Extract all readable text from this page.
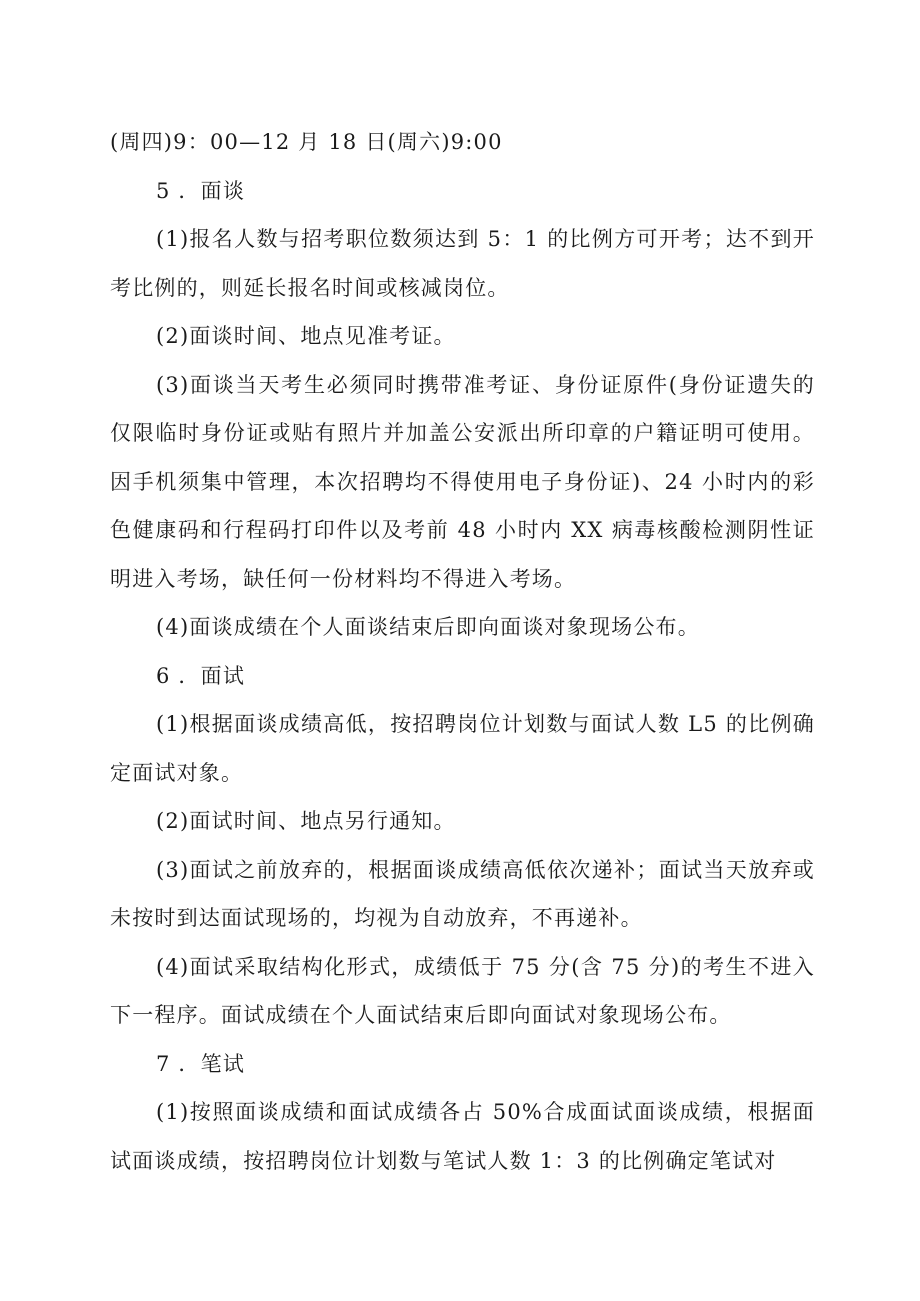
(周四)9：00—12 月 18 日(周六)9:00

5 ．面谈

(1)报名人数与招考职位数须达到 5：1 的比例方可开考；达不到开考比例的，则延长报名时间或核减岗位。

(2)面谈时间、地点见准考证。

(3)面谈当天考生必须同时携带准考证、身份证原件(身份证遗失的仅限临时身份证或贴有照片并加盖公安派出所印章的户籍证明可使用。因手机须集中管理，本次招聘均不得使用电子身份证)、24 小时内的彩色健康码和行程码打印件以及考前 48 小时内 XX 病毒核酸检测阴性证明进入考场，缺任何一份材料均不得进入考场。

(4)面谈成绩在个人面谈结束后即向面谈对象现场公布。

6 ．面试

(1)根据面谈成绩高低，按招聘岗位计划数与面试人数 L5 的比例确定面试对象。

(2)面试时间、地点另行通知。

(3)面试之前放弃的，根据面谈成绩高低依次递补；面试当天放弃或未按时到达面试现场的，均视为自动放弃，不再递补。

(4)面试采取结构化形式，成绩低于 75 分(含 75 分)的考生不进入下一程序。面试成绩在个人面试结束后即向面试对象现场公布。

7 ．笔试

(1)按照面谈成绩和面试成绩各占 50%合成面试面谈成绩，根据面试面谈成绩，按招聘岗位计划数与笔试人数 1：3 的比例确定笔试对
